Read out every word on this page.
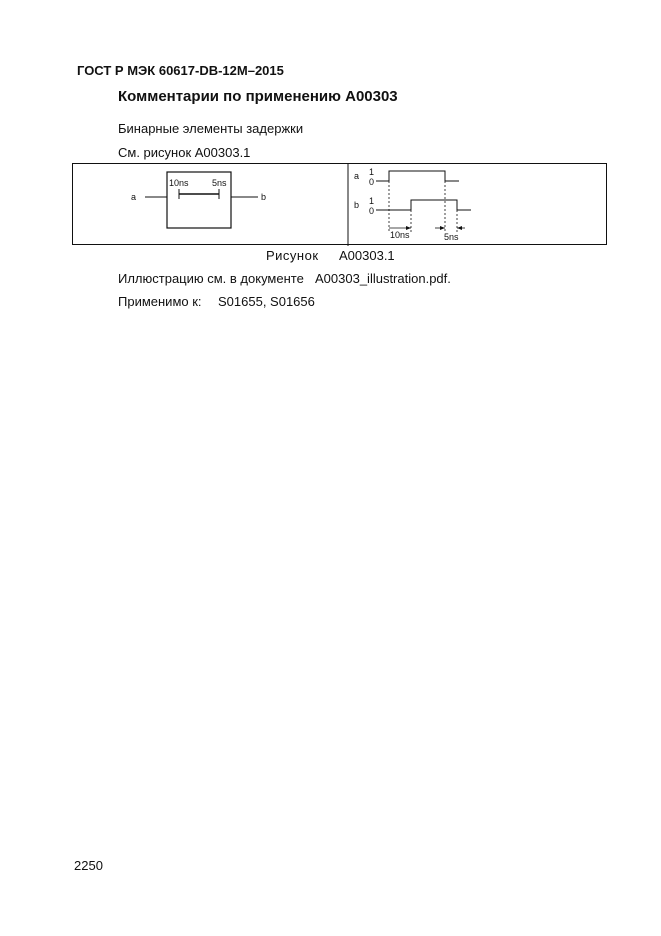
ГОСТ Р МЭК 60617-DB-12M–2015
Комментарии по применению A00303
Бинарные элементы задержки
См. рисунок A00303.1
a	b
10ns	5ns
a 1
0
b 1
0
10ns	5ns
Рисунок A00303.1
Иллюстрацию см. в документе A00303_illustration.pdf.
Применимо к: S01655, S01656
2250
